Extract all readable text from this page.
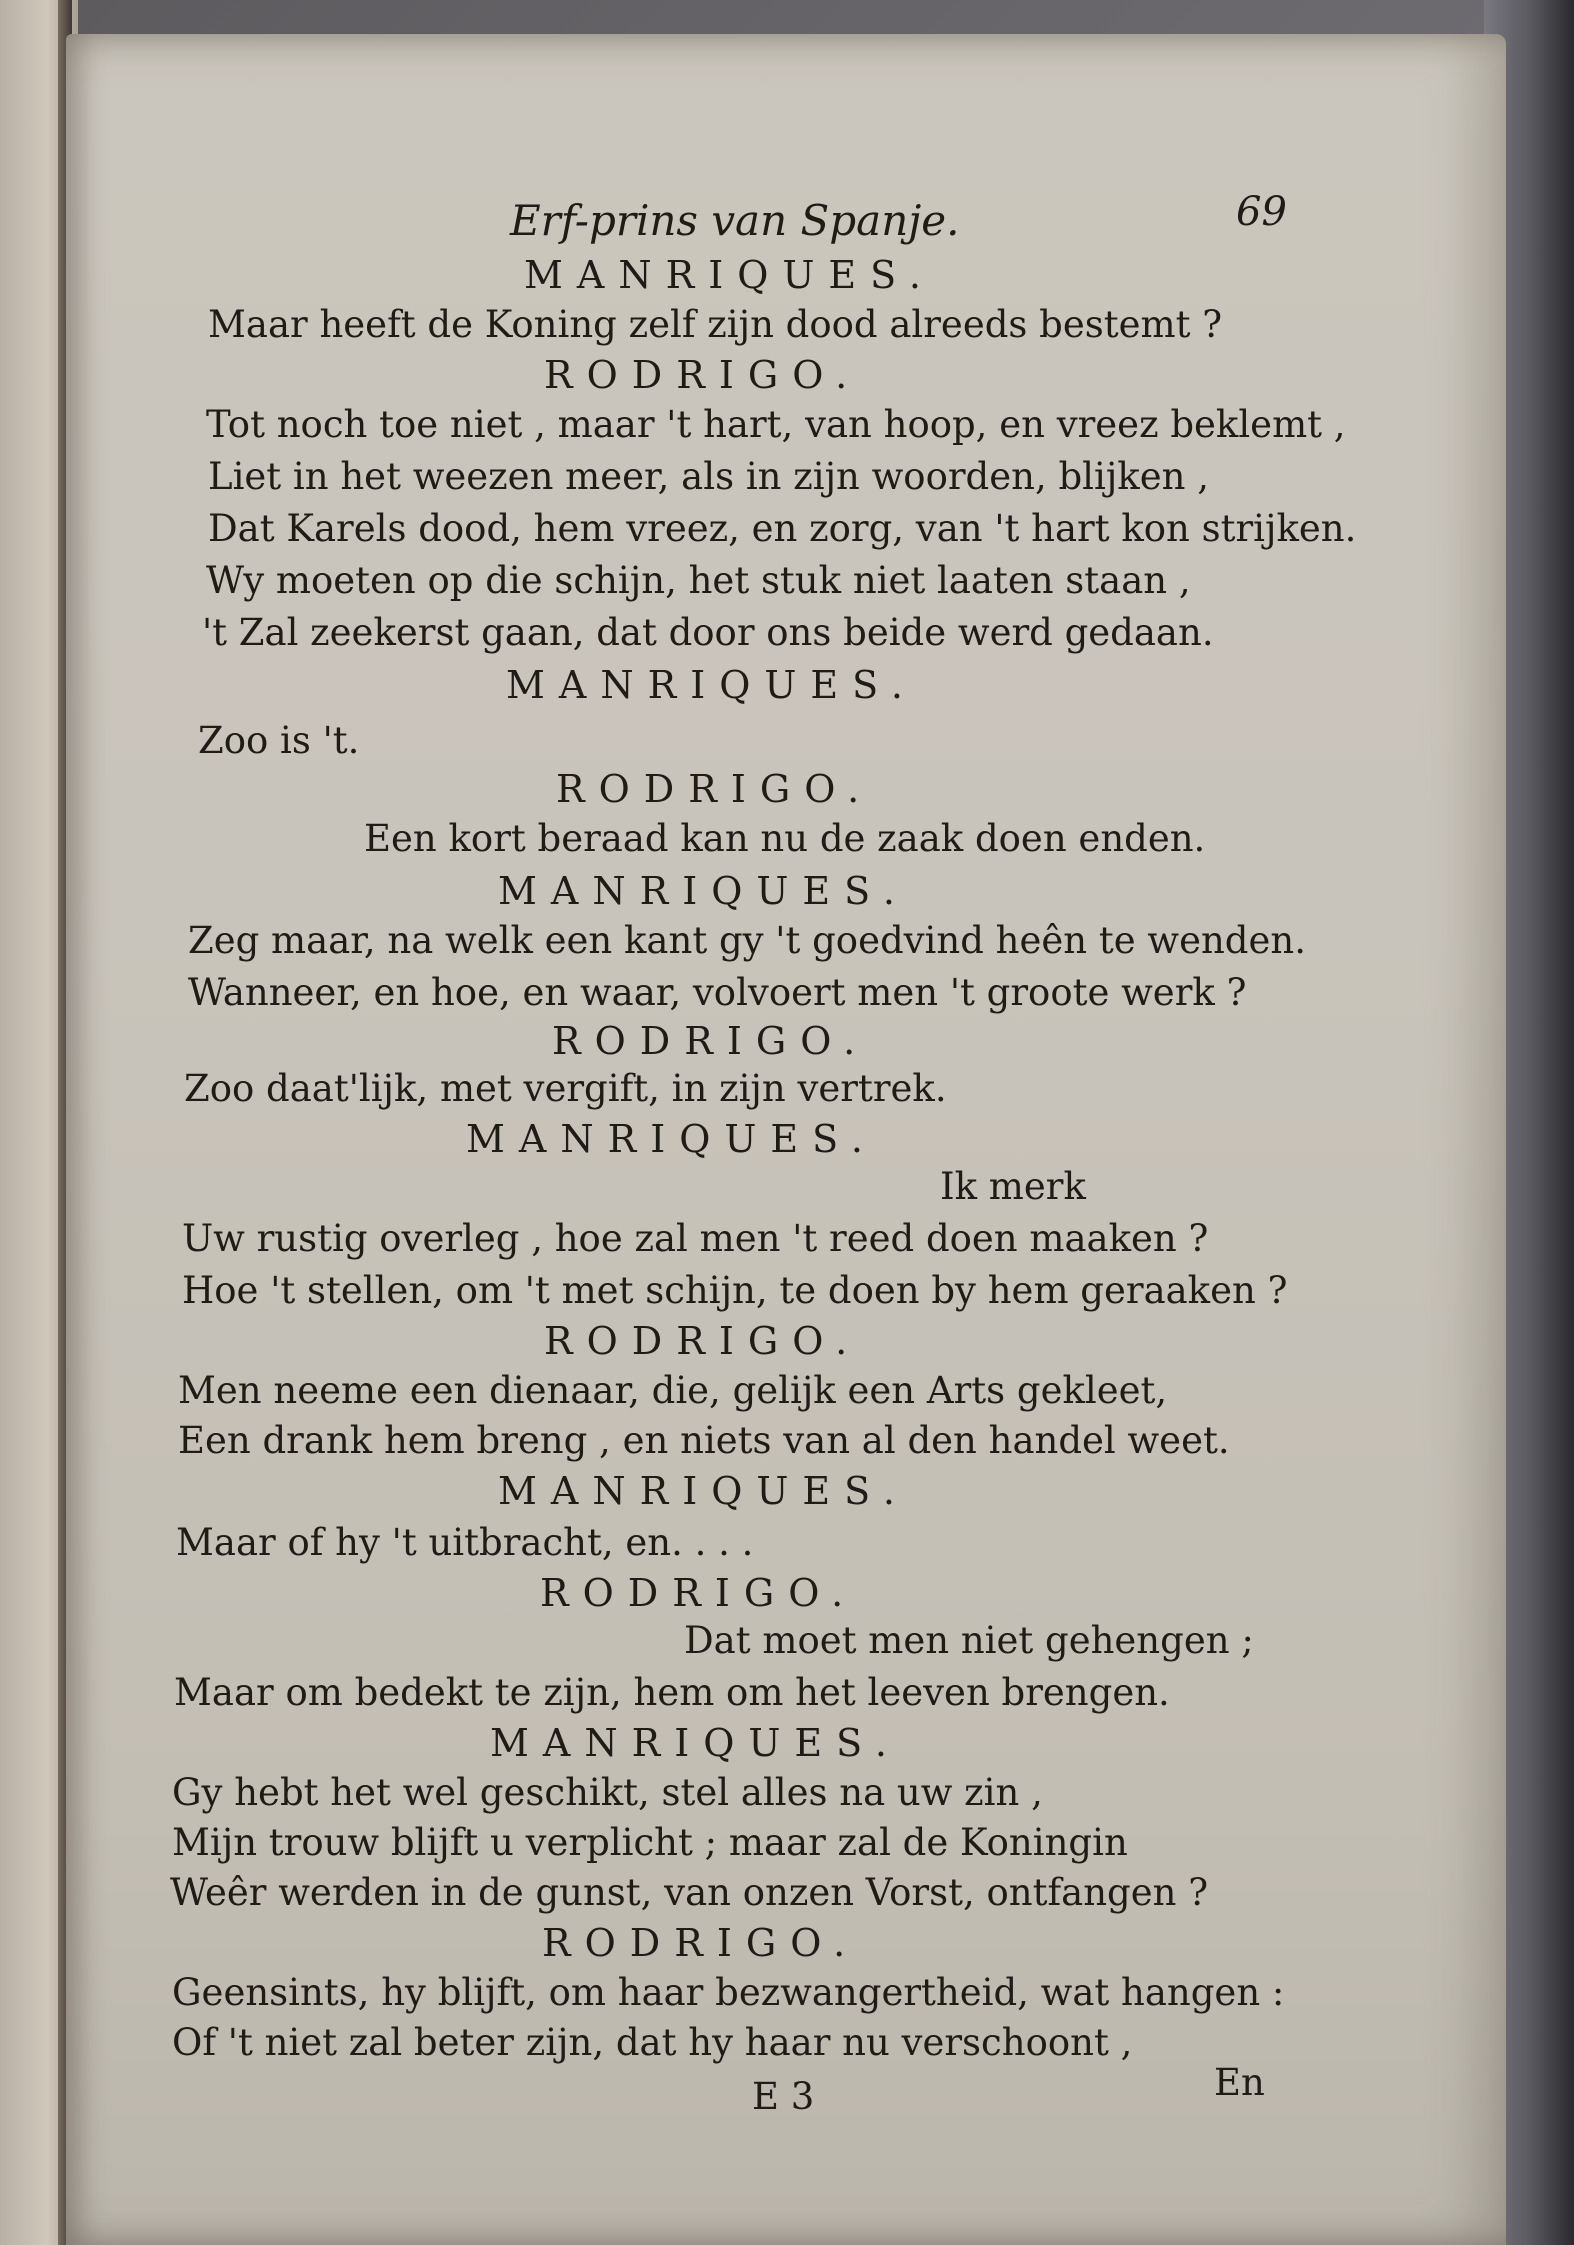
Erf-prins van Spanje.	69
MANRIQUES.
Maar heeft de Koning zelf zijn dood alreeds bestemt ?
RODRIGO.
Tot noch toe niet , maar 't hart, van hoop, en vreez beklemt ,
Liet in het weezen meer, als in zijn woorden, blijken ,
Dat Karels dood, hem vreez, en zorg, van 't hart kon strijken.
Wy moeten op die schijn, het stuk niet laaten staan ,
't Zal zeekerst gaan, dat door ons beide werd gedaan.
MANRIQUES.
Zoo is 't.
RODRIGO.
Een kort beraad kan nu de zaak doen enden.
MANRIQUES.
Zeg maar, na welk een kant gy 't goedvind heên te wenden.
Wanneer, en hoe, en waar, volvoert men 't groote werk ?
RODRIGO.
Zoo daat'lijk, met vergift, in zijn vertrek.
MANRIQUES.
Ik merk
Uw rustig overleg , hoe zal men 't reed doen maaken ?
Hoe 't stellen, om 't met schijn, te doen by hem geraaken ?
RODRIGO.
Men neeme een dienaar, die, gelijk een Arts gekleet,
Een drank hem breng , en niets van al den handel weet.
MANRIQUES.
Maar of hy 't uitbracht, en. . . .
RODRIGO.
Dat moet men niet gehengen ;
Maar om bedekt te zijn, hem om het leeven brengen.
MANRIQUES.
Gy hebt het wel geschikt, stel alles na uw zin ,
Mijn trouw blijft u verplicht ; maar zal de Koningin
Weêr werden in de gunst, van onzen Vorst, ontfangen ?
RODRIGO.
Geensints, hy blijft, om haar bezwangertheid, wat hangen :
Of 't niet zal beter zijn, dat hy haar nu verschoont ,
E 3	En
